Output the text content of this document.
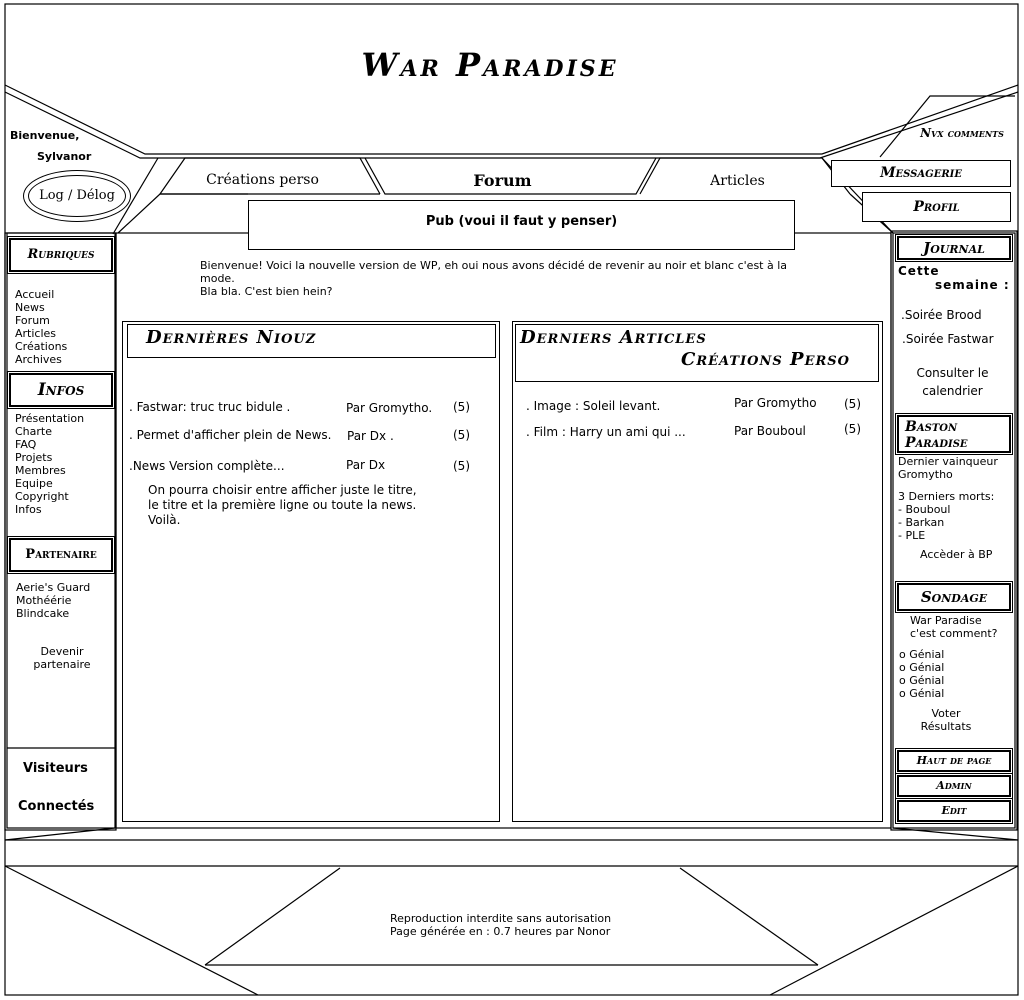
War Paradise
Bienvenue,
Sylvanor
Log / Délog
Créations perso	Forum	Articles
Nvx comments
Messagerie
Profil
Pub (voui il faut y penser)
Bienvenue! Voici la nouvelle version de WP, eh oui nous avons décidé de revenir au noir et blanc c'est à la
mode.
Bla bla. C'est bien hein?
Rubriques
Accueil
News
Forum
Articles
Créations
Archives
Infos
Présentation
Charte
FAQ
Projets
Membres
Equipe
Copyright
Infos
Partenaire
Aerie's Guard
Mothéérie
Blindcake
Devenir
partenaire
Visiteurs
Connectés
Dernières Niouz
. Fastwar: truc truc bidule .	Par Gromytho. (5)
. Permet d'afficher plein de News. Par Dx .	(5)
.News Version complète...	Par Dx	(5)
On pourra choisir entre afficher juste le titre,
le titre et la première ligne ou toute la news.
Voilà.
Derniers Articles
Créations Perso
. Image : Soleil levant.	Par Gromytho (5)
. Film : Harry un ami qui ...	Par Bouboul	(5)
Journal
Cette
semaine :
.Soirée Brood
.Soirée Fastwar
Consulter le
calendrier
Baston
Paradise
Dernier vainqueur
Gromytho
3 Derniers morts:
- Bouboul
- Barkan
- PLE
Accèder à BP
Sondage
War Paradise
c'est comment?
o Génial
o Génial
o Génial
o Génial
Voter
Résultats
Haut de page
Admin
Edit
Reproduction interdite sans autorisation
Page générée en : 0.7 heures par Nonor
